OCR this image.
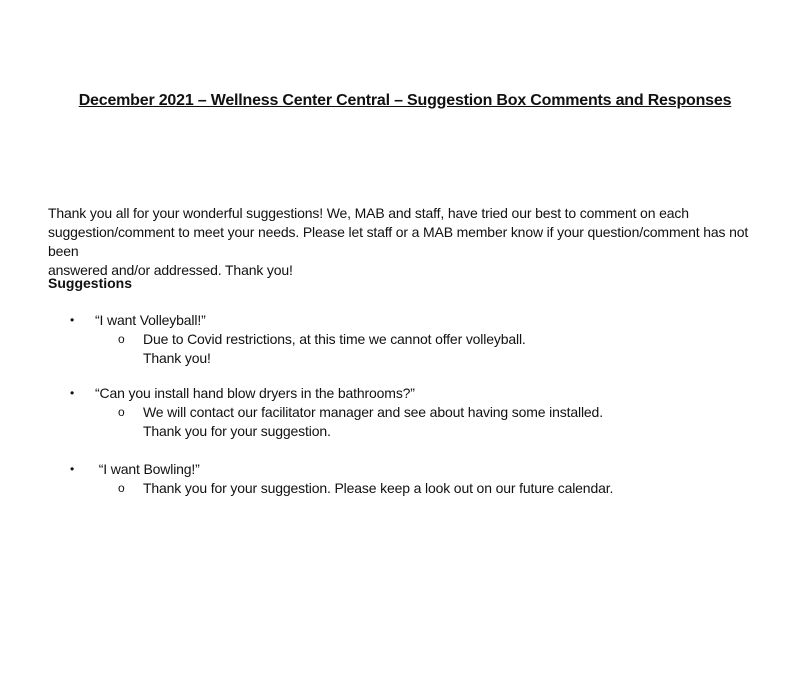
December 2021 – Wellness Center Central – Suggestion Box Comments and Responses
Thank you all for your wonderful suggestions! We, MAB and staff, have tried our best to comment on each
suggestion/comment to meet your needs. Please let staff or a MAB member know if your question/comment has not been
answered and/or addressed. Thank you!
Suggestions
• “I want Volleyball!”
o Due to Covid restrictions, at this time we cannot offer volleyball.
Thank you!
• “Can you install hand blow dryers in the bathrooms?”
o We will contact our facilitator manager and see about having some installed.
Thank you for your suggestion.
• “I want Bowling!”
o Thank you for your suggestion. Please keep a look out on our future calendar.
